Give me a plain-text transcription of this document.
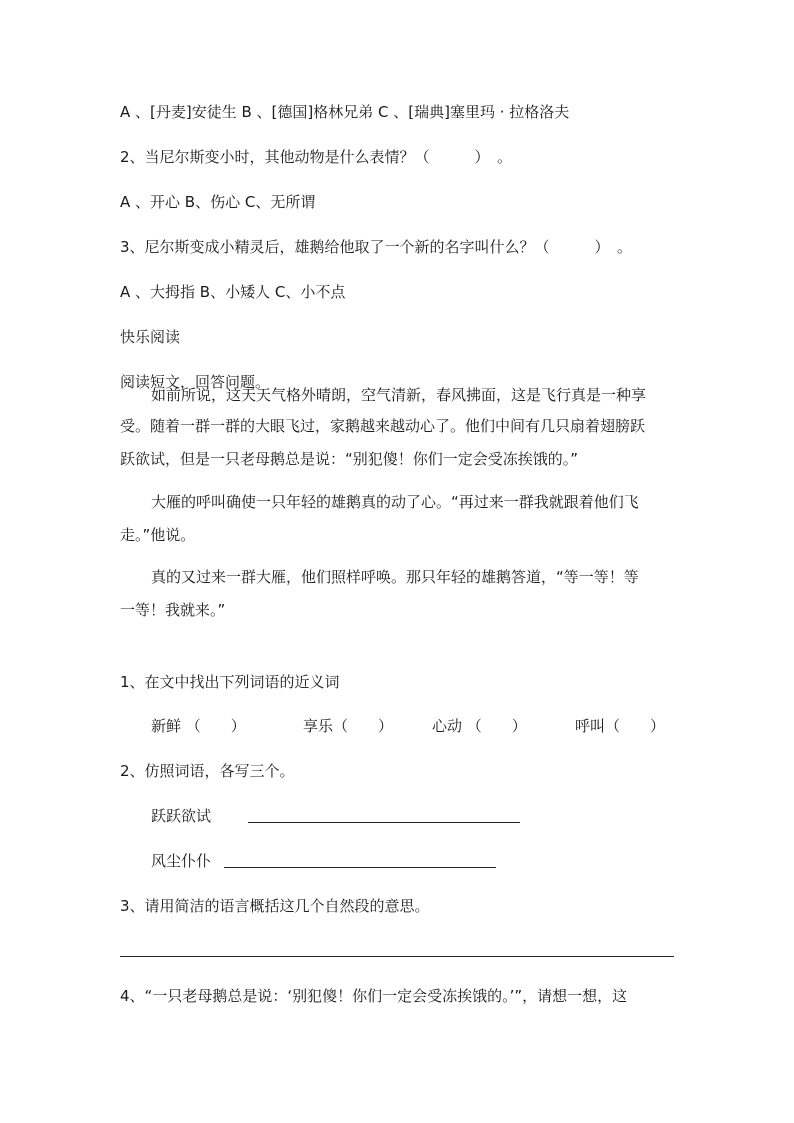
A 、[丹麦]安徒生 B 、[德国]格林兄弟 C 、[瑞典]塞里玛 · 拉格洛夫
2、当尼尔斯变小时，其他动物是什么表情？（　　　）　。
A 、开心 B、伤心 C、无所谓
3、尼尔斯变成小精灵后，雄鹅给他取了一个新的名字叫什么？（　　　）　。
A 、大拇指 B、小矮人 C、小不点
快乐阅读
阅读短文，回答问题。
如前所说，这天天气格外晴朗，空气清新，春风拂面，这是飞行真是一种享
受。随着一群一群的大眼飞过，家鹅越来越动心了。他们中间有几只扇着翅膀跃
跃欲试，但是一只老母鹅总是说：“别犯傻！你们一定会受冻挨饿的。”
大雁的呼叫确使一只年轻的雄鹅真的动了心。“再过来一群我就跟着他们飞
走。”他说。
真的又过来一群大雁，他们照样呼唤。那只年轻的雄鹅答道，“等一等！等
一等！我就来。”
1、在文中找出下列词语的近义词
新鲜 （　　）	享乐（　　）	心动 （　　）	呼叫（　　）
2、仿照词语，各写三个。
跃跃欲试
风尘仆仆
3、请用简洁的语言概括这几个自然段的意思。
4、“一只老母鹅总是说：‘别犯傻！你们一定会受冻挨饿的。’”，请想一想，这
